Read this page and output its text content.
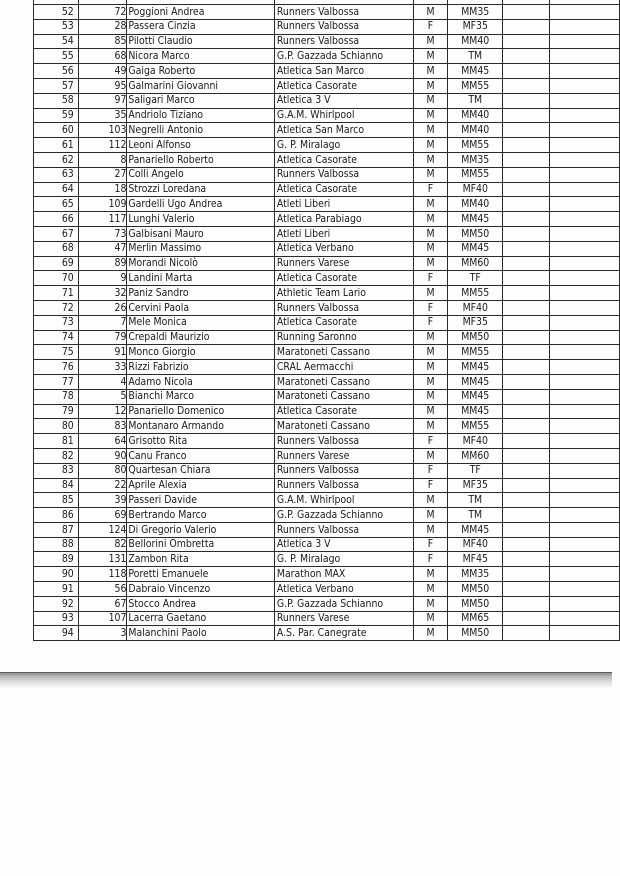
52	72	Poggioni Andrea	Runners Valbossa	M	MM35		
53	28	Passera Cinzia	Runners Valbossa	F	MF35		
54	85	Pilotti Claudio	Runners Valbossa	M	MM40		
55	68	Nicora Marco	G.P. Gazzada Schianno	M	TM		
56	49	Gaiga Roberto	Atletica San Marco	M	MM45		
57	95	Galmarini Giovanni	Atletica Casorate	M	MM55		
58	97	Saligari Marco	Atletica 3 V	M	TM		
59	35	Andriolo Tiziano	G.A.M. Whirlpool	M	MM40		
60	103	Negrelli Antonio	Atletica San Marco	M	MM40		
61	112	Leoni Alfonso	G. P. Miralago	M	MM55		
62	8	Panariello Roberto	Atletica Casorate	M	MM35		
63	27	Colli Angelo	Runners Valbossa	M	MM55		
64	18	Strozzi Loredana	Atletica Casorate	F	MF40		
65	109	Gardelli Ugo Andrea	Atleti Liberi	M	MM40		
66	117	Lunghi Valerio	Atletica Parabiago	M	MM45		
67	73	Galbisani Mauro	Atleti Liberi	M	MM50		
68	47	Merlin Massimo	Atletica Verbano	M	MM45		
69	89	Morandi Nicolò	Runners Varese	M	MM60		
70	9	Landini Marta	Atletica Casorate	F	TF		
71	32	Paniz Sandro	Athletic Team Lario	M	MM55		
72	26	Cervini Paola	Runners Valbossa	F	MF40		
73	7	Mele Monica	Atletica Casorate	F	MF35		
74	79	Crepaldi Maurizio	Running Saronno	M	MM50		
75	91	Monco Giorgio	Maratoneti Cassano	M	MM55		
76	33	Rizzi Fabrizio	CRAL Aermacchi	M	MM45		
77	4	Adamo Nicola	Maratoneti Cassano	M	MM45		
78	5	Bianchi Marco	Maratoneti Cassano	M	MM45		
79	12	Panariello Domenico	Atletica Casorate	M	MM45		
80	83	Montanaro Armando	Maratoneti Cassano	M	MM55		
81	64	Grisotto Rita	Runners Valbossa	F	MF40		
82	90	Canu Franco	Runners Varese	M	MM60		
83	80	Quartesan Chiara	Runners Valbossa	F	TF		
84	22	Aprile Alexia	Runners Valbossa	F	MF35		
85	39	Passeri Davide	G.A.M. Whirlpool	M	TM		
86	69	Bertrando Marco	G.P. Gazzada Schianno	M	TM		
87	124	Di Gregorio Valerio	Runners Valbossa	M	MM45		
88	82	Bellorini Ombretta	Atletica 3 V	F	MF40		
89	131	Zambon Rita	G. P. Miralago	F	MF45		
90	118	Poretti Emanuele	Marathon MAX	M	MM35		
91	56	Dabraio Vincenzo	Atletica Verbano	M	MM50		
92	67	Stocco Andrea	G.P. Gazzada Schianno	M	MM50		
93	107	Lacerra Gaetano	Runners Varese	M	MM65		
94	3	Malanchini Paolo	A.S. Par. Canegrate	M	MM50		
